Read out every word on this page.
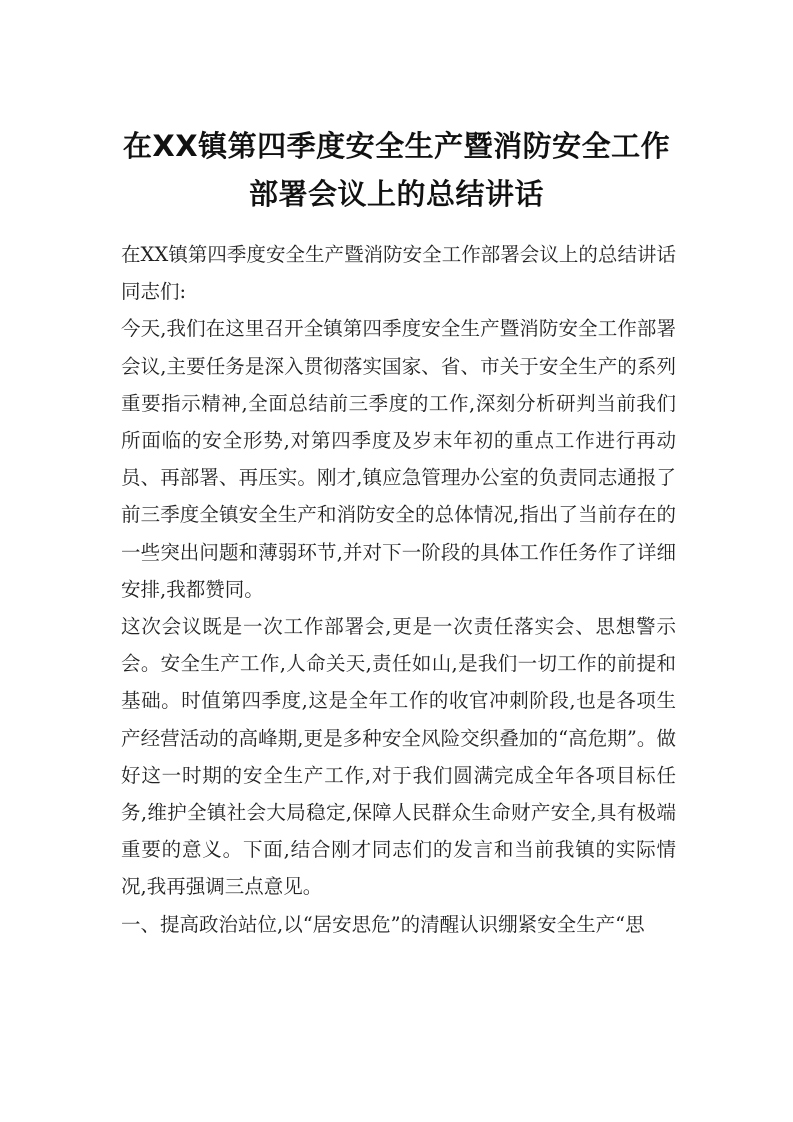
在XX镇第四季度安全生产暨消防安全工作
部署会议上的总结讲话

在XX镇第四季度安全生产暨消防安全工作部署会议上的总结讲话同志们:

今天,我们在这里召开全镇第四季度安全生产暨消防安全工作部署会议,主要任务是深入贯彻落实国家、省、市关于安全生产的系列重要指示精神,全面总结前三季度的工作,深刻分析研判当前我们所面临的安全形势,对第四季度及岁末年初的重点工作进行再动员、再部署、再压实。刚才,镇应急管理办公室的负责同志通报了前三季度全镇安全生产和消防安全的总体情况,指出了当前存在的一些突出问题和薄弱环节,并对下一阶段的具体工作任务作了详细安排,我都赞同。

这次会议既是一次工作部署会,更是一次责任落实会、思想警示会。安全生产工作,人命关天,责任如山,是我们一切工作的前提和基础。时值第四季度,这是全年工作的收官冲刺阶段,也是各项生产经营活动的高峰期,更是多种安全风险交织叠加的“高危期”。做好这一时期的安全生产工作,对于我们圆满完成全年各项目标任务,维护全镇社会大局稳定,保障人民群众生命财产安全,具有极端重要的意义。下面,结合刚才同志们的发言和当前我镇的实际情况,我再强调三点意见。

一、提高政治站位,以“居安思危”的清醒认识绷紧安全生产“思
